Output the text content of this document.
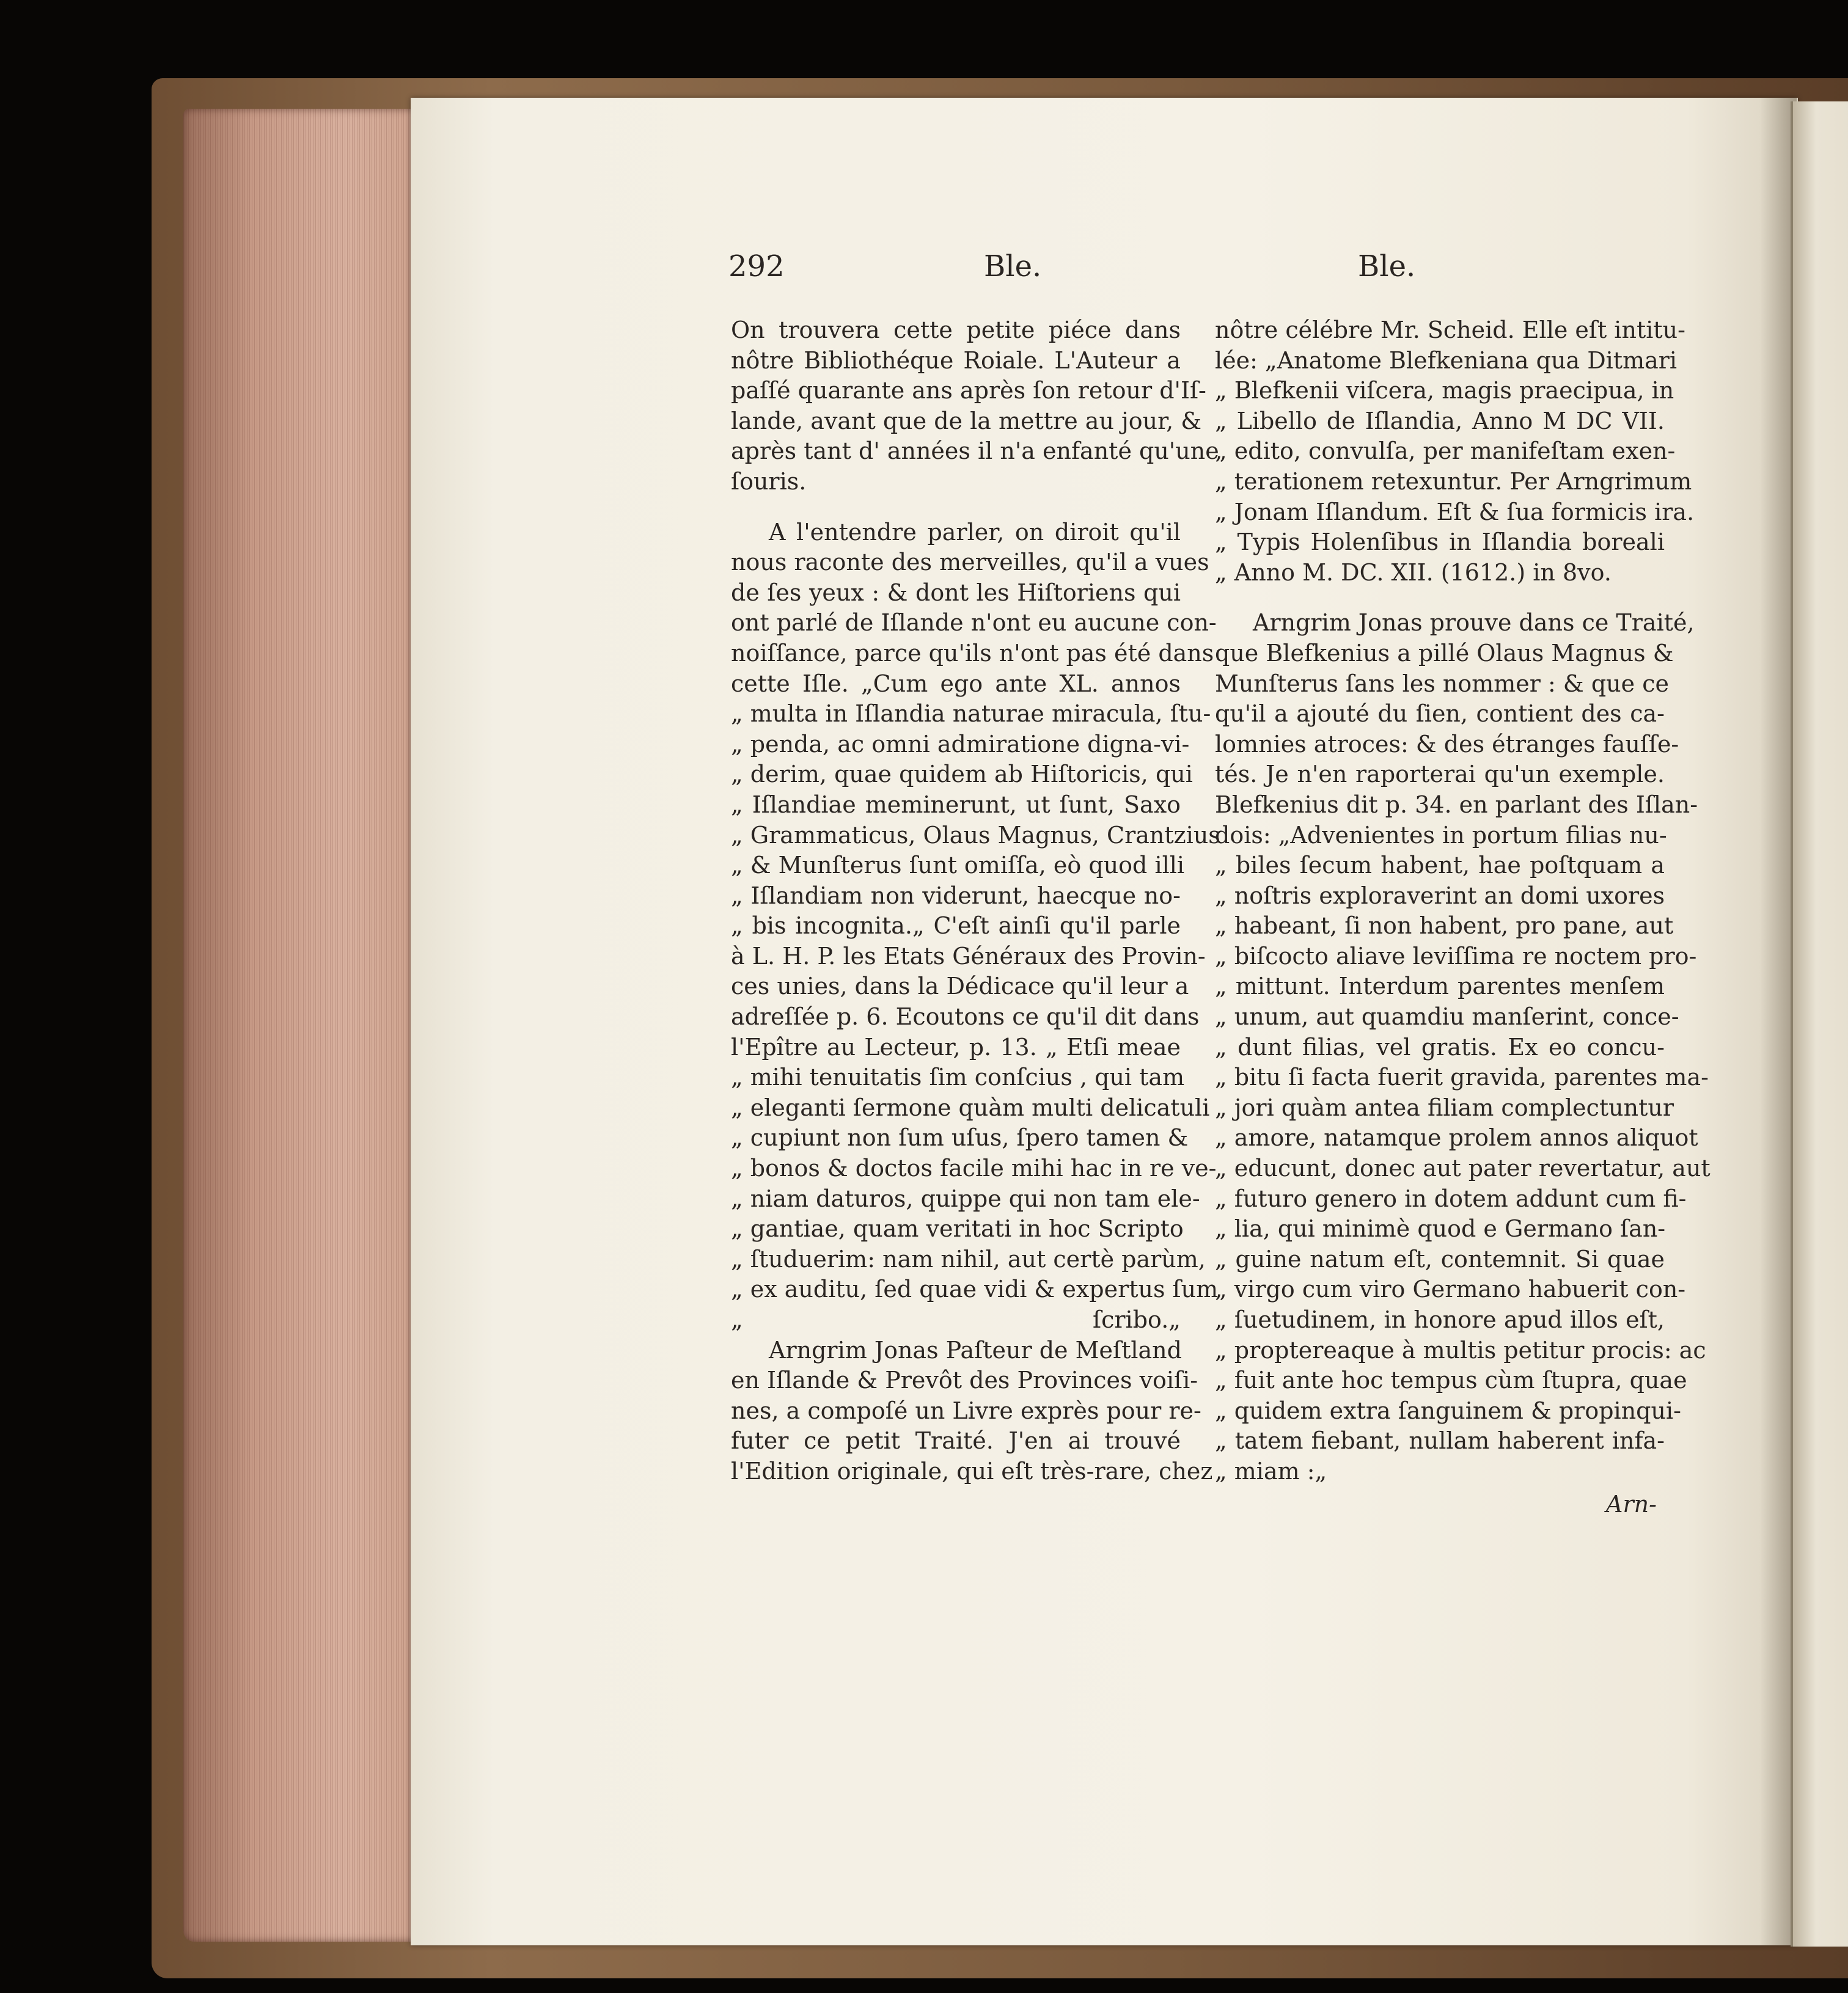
292	Ble.	Ble.
On trouvera cette petite piéce dans
nôtre Bibliothéque Roiale. L'Auteur a
paſſé quarante ans après ſon retour d'Iſ-
lande, avant que de la mettre au jour, &
après tant d' années il n'a enfanté qu'une
ſouris.
A l'entendre parler, on diroit qu'il
nous raconte des merveilles, qu'il a vues
de ſes yeux : & dont les Hiſtoriens qui
ont parlé de Iſlande n'ont eu aucune con-
noiſſance, parce qu'ils n'ont pas été dans
cette Iſle. „Cum ego ante XL. annos
„ multa in Iſlandia naturae miracula, ſtu-
„ penda, ac omni admiratione digna-vi-
„ derim, quae quidem ab Hiſtoricis, qui
„ Iſlandiae meminerunt, ut ſunt, Saxo
„ Grammaticus, Olaus Magnus, Crantzius
„ & Munſterus ſunt omiſſa, eò quod illi
„ Iſlandiam non viderunt, haecque no-
„ bis incognita.„ C'eſt ainſi qu'il parle
à L. H. P. les Etats Généraux des Provin-
ces unies, dans la Dédicace qu'il leur a
adreſſée p. 6. Ecoutons ce qu'il dit dans
l'Epître au Lecteur, p. 13. „ Etſi meae
„ mihi tenuitatis ſim conſcius , qui tam
„ eleganti ſermone quàm multi delicatuli
„ cupiunt non ſum uſus, ſpero tamen &
„ bonos & doctos facile mihi hac in re ve-
„ niam daturos, quippe qui non tam ele-
„ gantiae, quam veritati in hoc Scripto
„ ſtuduerim: nam nihil, aut certè parùm,
„ ex auditu, ſed quae vidi & expertus ſum
„ ſcribo.„
Arngrim Jonas Paſteur de Meſtland
en Iſlande & Prevôt des Provinces voiſi-
nes, a compoſé un Livre exprès pour re-
futer ce petit Traité. J'en ai trouvé
l'Edition originale, qui eſt très-rare, chez
nôtre célébre Mr. Scheid. Elle eſt intitu-
lée: „Anatome Blefkeniana qua Ditmari
„ Blefkenii viſcera, magis praecipua, in
„ Libello de Iſlandia, Anno M DC VII.
„ edito, convulſa, per manifeſtam exen-
„ terationem retexuntur. Per Arngrimum
„ Jonam Iſlandum. Eſt & ſua formicis ira.
„ Typis Holenſibus in Iſlandia boreali
„ Anno M. DC. XII. (1612.) in 8vo.
Arngrim Jonas prouve dans ce Traité,
que Blefkenius a pillé Olaus Magnus &
Munſterus ſans les nommer : & que ce
qu'il a ajouté du ſien, contient des ca-
lomnies atroces: & des étranges fauſſe-
tés. Je n'en raporterai qu'un exemple.
Blefkenius dit p. 34. en parlant des Iſlan-
dois: „Advenientes in portum filias nu-
„ biles ſecum habent, hae poſtquam a
„ noſtris exploraverint an domi uxores
„ habeant, ſi non habent, pro pane, aut
„ biſcocto aliave leviſſima re noctem pro-
„ mittunt. Interdum parentes menſem
„ unum, aut quamdiu manſerint, conce-
„ dunt filias, vel gratis. Ex eo concu-
„ bitu ſi facta fuerit gravida, parentes ma-
„ jori quàm antea filiam complectuntur
„ amore, natamque prolem annos aliquot
„ educunt, donec aut pater revertatur, aut
„ futuro genero in dotem addunt cum fi-
„ lia, qui minimè quod e Germano ſan-
„ guine natum eſt, contemnit. Si quae
„ virgo cum viro Germano habuerit con-
„ ſuetudinem, in honore apud illos eſt,
„ proptereaque à multis petitur procis: ac
„ fuit ante hoc tempus cùm ſtupra, quae
„ quidem extra ſanguinem & propinqui-
„ tatem fiebant, nullam haberent infa-
„ miam :„
Arn-
